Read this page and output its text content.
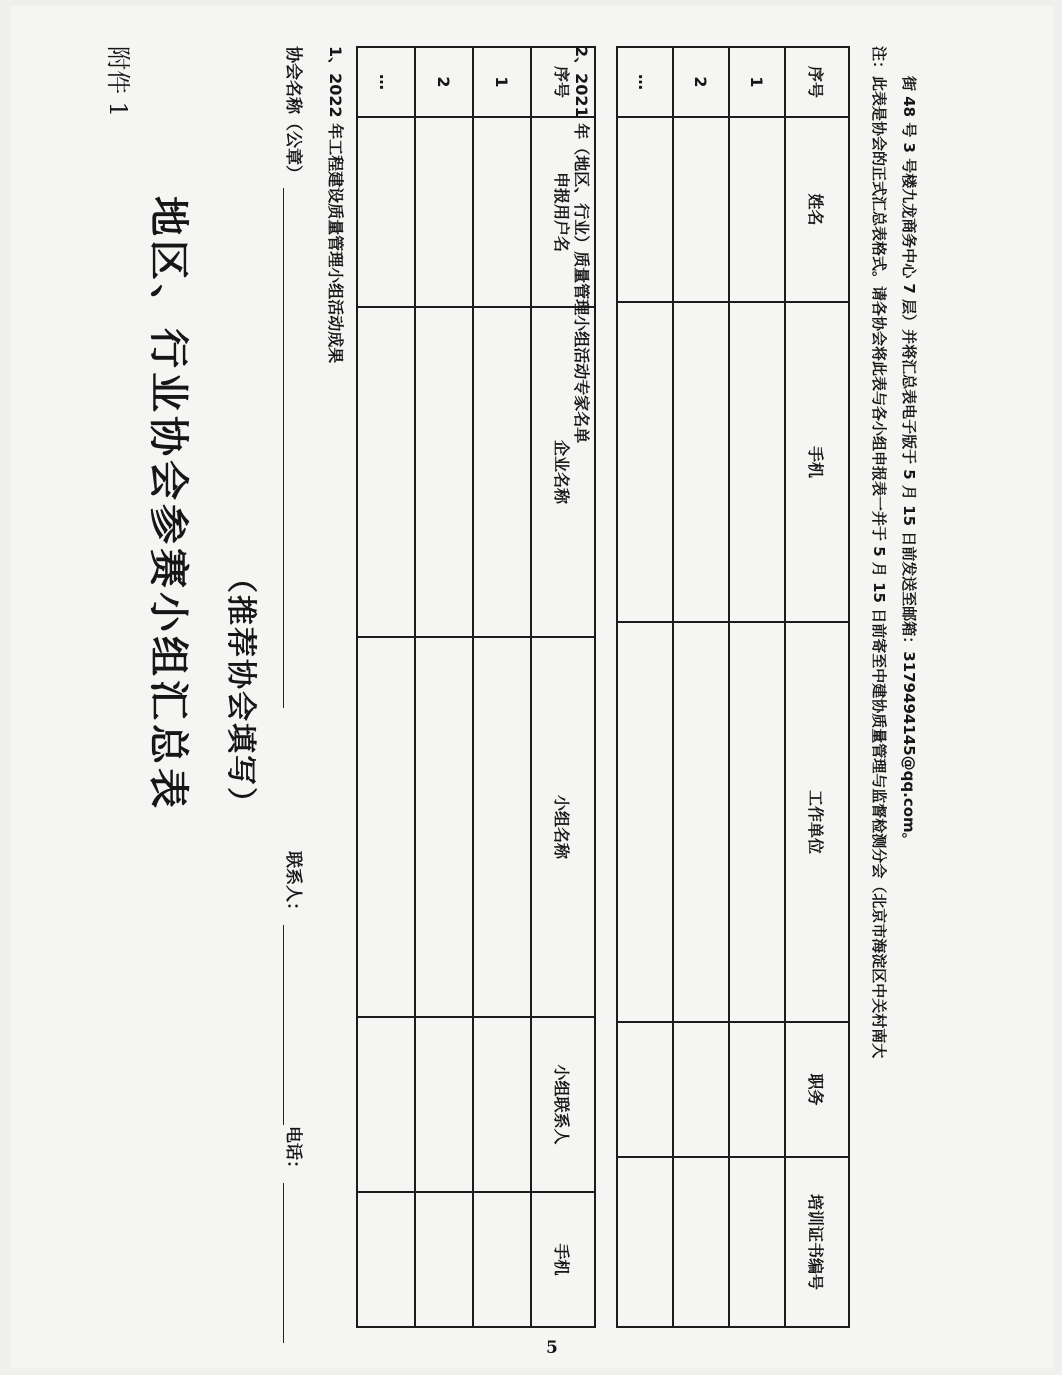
附件 1
地区、行业协会参赛小组汇总表 （推荐协会填写）
协会名称（公章）
联系人：
电话：
1、2022 年工程建设质量管理小组活动成果	序号	申报用户名	企业名称	小组名称	小组联系人	手机
1					
2					
…						2、2021 年（地区、行业）质量管理小组活动专家名单	序号	姓名	手机	工作单位	职务	培训证书编号
1					
2					
…						注：此表是协会的正式汇总表格式。请各协会将此表与各小组申报表一并于 5 月 15 日前寄至中建协质量管理与监督检测分会（北京市海淀区中关村南大 街 48 号 3 号楼九龙商务中心 7 层）并将汇总表电子版于 5 月 15 日前发送至邮箱：3179494145@qq.com。
5
